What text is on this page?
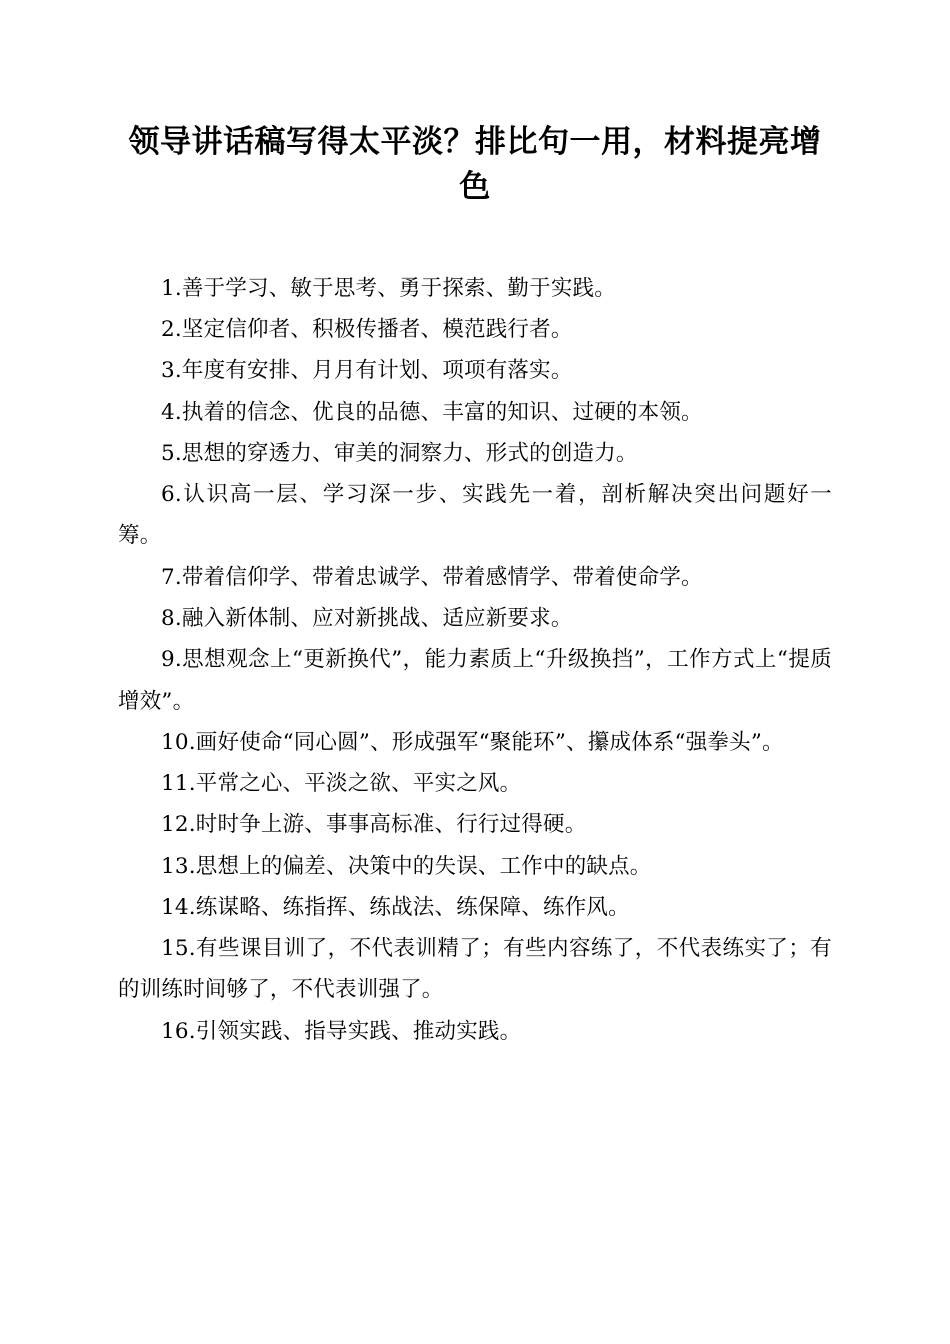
领导讲话稿写得太平淡？排比句一用，材料提亮增色

1.善于学习、敏于思考、勇于探索、勤于实践。

2.坚定信仰者、积极传播者、模范践行者。

3.年度有安排、月月有计划、项项有落实。

4.执着的信念、优良的品德、丰富的知识、过硬的本领。

5.思想的穿透力、审美的洞察力、形式的创造力。

6.认识高一层、学习深一步、实践先一着，剖析解决突出问题好一筹。

7.带着信仰学、带着忠诚学、带着感情学、带着使命学。

8.融入新体制、应对新挑战、适应新要求。

9.思想观念上“更新换代”，能力素质上“升级换挡”，工作方式上“提质增效”。

10.画好使命“同心圆”、形成强军“聚能环”、攥成体系“强拳头”。

11.平常之心、平淡之欲、平实之风。

12.时时争上游、事事高标准、行行过得硬。

13.思想上的偏差、决策中的失误、工作中的缺点。

14.练谋略、练指挥、练战法、练保障、练作风。

15.有些课目训了，不代表训精了；有些内容练了，不代表练实了；有的训练时间够了，不代表训强了。

16.引领实践、指导实践、推动实践。
